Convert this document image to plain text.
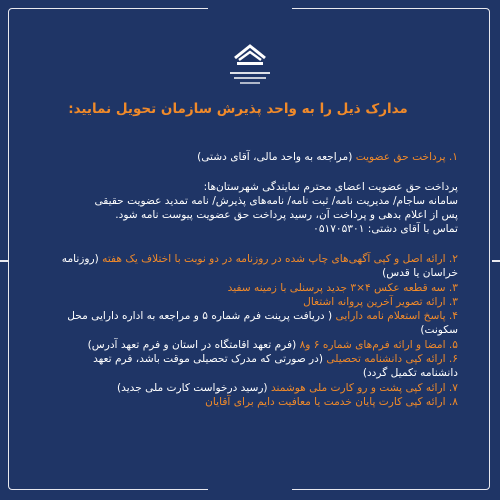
مدارک ذیل را به واحد پذیرش سازمان تحویل نمایید:
۱. پرداخت حق عضویت (مراجعه به واحد مالی، آقای دشتی)
پرداخت حق عضویت اعضای محترم نمایندگی شهرستان‌ها:
سامانه ساجام/ مدیریت نامه/ ثبت نامه/ نامه‌های پذیرش/ نامه تمدید عضویت حقیقی
پس از اعلام بدهی و پرداخت آن، رسید پرداخت حق عضویت پیوست نامه شود.
تماس با آقای دشتی: ۰۵۱۷۰۵۳۰۱
۲. ارائه اصل و کپی آگهی‌های چاپ شده در روزنامه در دو نوبت با اختلاف یک هفته (روزنامه
خراسان یا قدس)
۳. سه قطعه عکس ۴×۳ جدید پرسنلی با زمینه سفید
۳. ارائه تصویر آخرین پروانه اشتغال
۴. پاسخ استعلام نامه دارایی ( دریافت پرینت فرم شماره ۵ و مراجعه به اداره دارایی محل
سکونت)
۵. امضا و ارائه فرم‌های شماره ۶ و۸ (فرم تعهد اقامتگاه در استان و فرم تعهد آدرس)
۶. ارائه کپی دانشنامه تحصیلی (در صورتی که مدرک تحصیلی موقت باشد، فرم تعهد
دانشنامه تکمیل گردد)
۷. ارائه کپی پشت و رو کارت ملی هوشمند (رسید درخواست کارت ملی جدید)
۸. ارائه کپی کارت پایان خدمت یا معافیت دایم برای آقایان
